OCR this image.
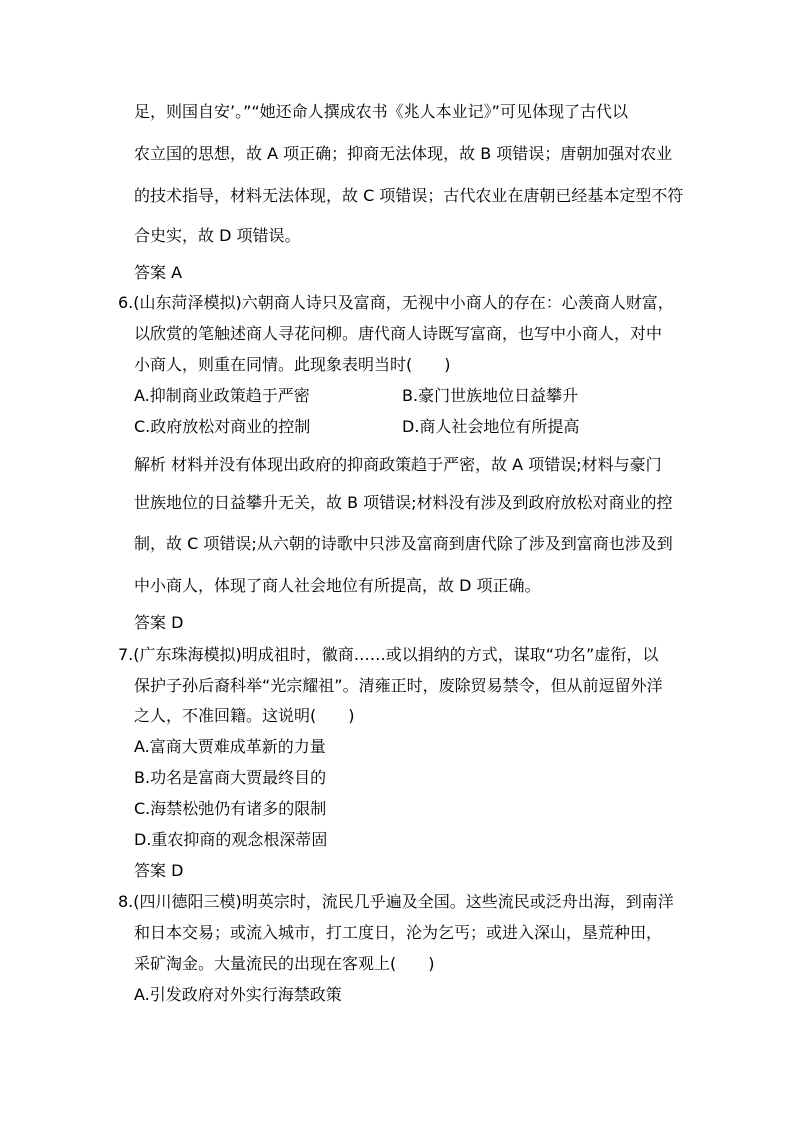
足，则国自安’。”“她还命人撰成农书《兆人本业记》”可见体现了古代以
农立国的思想，故 A 项正确；抑商无法体现，故 B 项错误；唐朝加强对农业
的技术指导，材料无法体现，故 C 项错误；古代农业在唐朝已经基本定型不符
合史实，故 D 项错误。
答案 A
6.(山东菏泽模拟)六朝商人诗只及富商，无视中小商人的存在：心羡商人财富，
以欣赏的笔触述商人寻花问柳。唐代商人诗既写富商，也写中小商人，对中
小商人，则重在同情。此现象表明当时(　　)
A.抑制商业政策趋于严密	B.豪门世族地位日益攀升
C.政府放松对商业的控制	D.商人社会地位有所提高
解析 材料并没有体现出政府的抑商政策趋于严密，故 A 项错误;材料与豪门
世族地位的日益攀升无关，故 B 项错误;材料没有涉及到政府放松对商业的控
制，故 C 项错误;从六朝的诗歌中只涉及富商到唐代除了涉及到富商也涉及到
中小商人，体现了商人社会地位有所提高，故 D 项正确。
答案 D
7.(广东珠海模拟)明成祖时，徽商……或以捐纳的方式，谋取“功名”虚衔，以
保护子孙后裔科举“光宗耀祖”。清雍正时，废除贸易禁令，但从前逗留外洋
之人，不准回籍。这说明(　　)
A.富商大贾难成革新的力量
B.功名是富商大贾最终目的
C.海禁松弛仍有诸多的限制
D.重农抑商的观念根深蒂固
答案 D
8.(四川德阳三模)明英宗时，流民几乎遍及全国。这些流民或泛舟出海，到南洋
和日本交易；或流入城市，打工度日，沦为乞丐；或进入深山，垦荒种田，
采矿淘金。大量流民的出现在客观上(　　)
A.引发政府对外实行海禁政策
